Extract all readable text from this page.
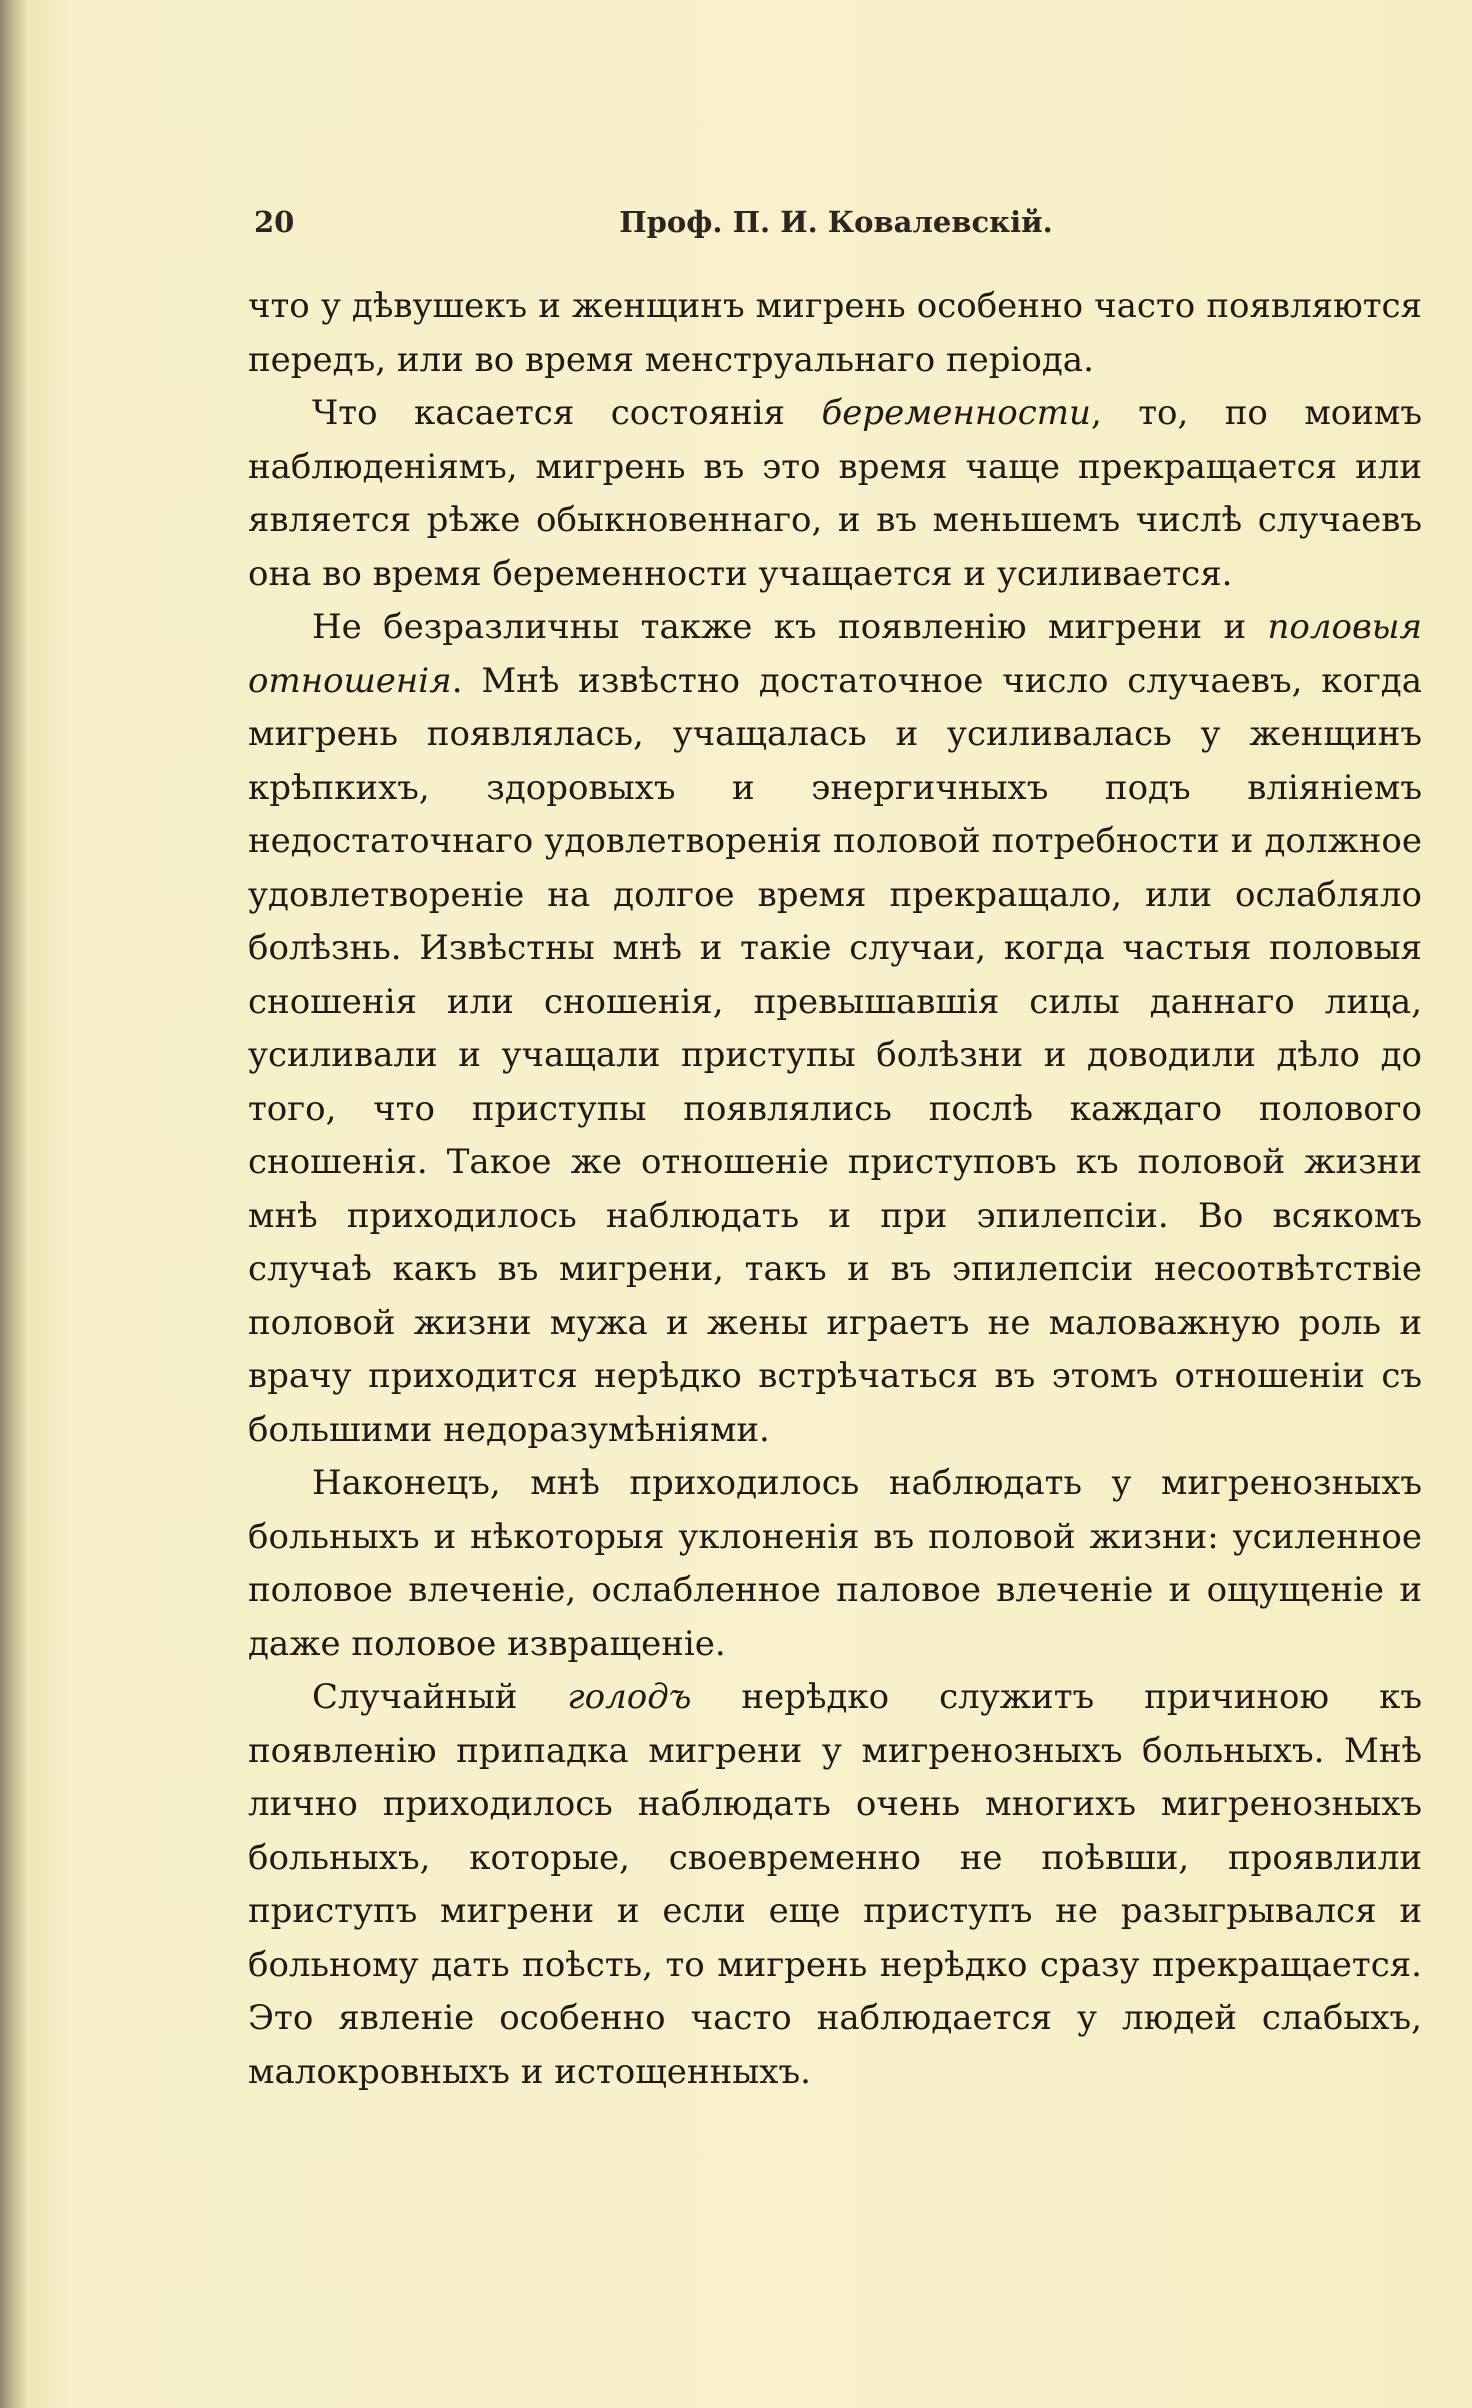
20	Проф. П. И. Ковалевскій.

что у дѣвушекъ и женщинъ мигрень особенно часто появляются передъ, или во время менструальнаго періода.

Что касается состоянія беременности, то, по моимъ наблюденіямъ, мигрень въ это время чаще прекращается или является рѣже обыкновеннаго, и въ меньшемъ числѣ случаевъ она во время беременности учащается и усиливается.

Не безразличны также къ появленію мигрени и половыя отношенія. Мнѣ извѣстно достаточное число случаевъ, когда мигрень появлялась, учащалась и усиливалась у женщинъ крѣпкихъ, здоровыхъ и энергичныхъ подъ вліяніемъ недостаточнаго удовлетворенія половой потребности и должное удовлетвореніе на долгое время прекращало, или ослабляло болѣзнь. Извѣстны мнѣ и такіе случаи, когда частыя половыя сношенія или сношенія, превышавшія силы даннаго лица, усиливали и учащали приступы болѣзни и доводили дѣло до того, что приступы появлялись послѣ каждаго полового сношенія. Такое же отношеніе приступовъ къ половой жизни мнѣ приходилось наблюдать и при эпилепсіи. Во всякомъ случаѣ какъ въ мигрени, такъ и въ эпилепсіи несоотвѣтствіе половой жизни мужа и жены играетъ не маловажную роль и врачу приходится нерѣдко встрѣчаться въ этомъ отношеніи съ большими недоразумѣніями.

Наконецъ, мнѣ приходилось наблюдать у мигренозныхъ больныхъ и нѣкоторыя уклоненія въ половой жизни: усиленное половое влеченіе, ослабленное паловое влеченіе и ощущеніе и даже половое извращеніе.

Случайный голодъ нерѣдко служитъ причиною къ появленію припадка мигрени у мигренозныхъ больныхъ. Мнѣ лично приходилось наблюдать очень многихъ мигренозныхъ больныхъ, которые, своевременно не поѣвши, проявлили приступъ мигрени и если еще приступъ не разыгрывался и больному дать поѣсть, то мигрень нерѣдко сразу прекращается. Это явленіе особенно часто наблюдается у людей слабыхъ, малокровныхъ и истощенныхъ.
